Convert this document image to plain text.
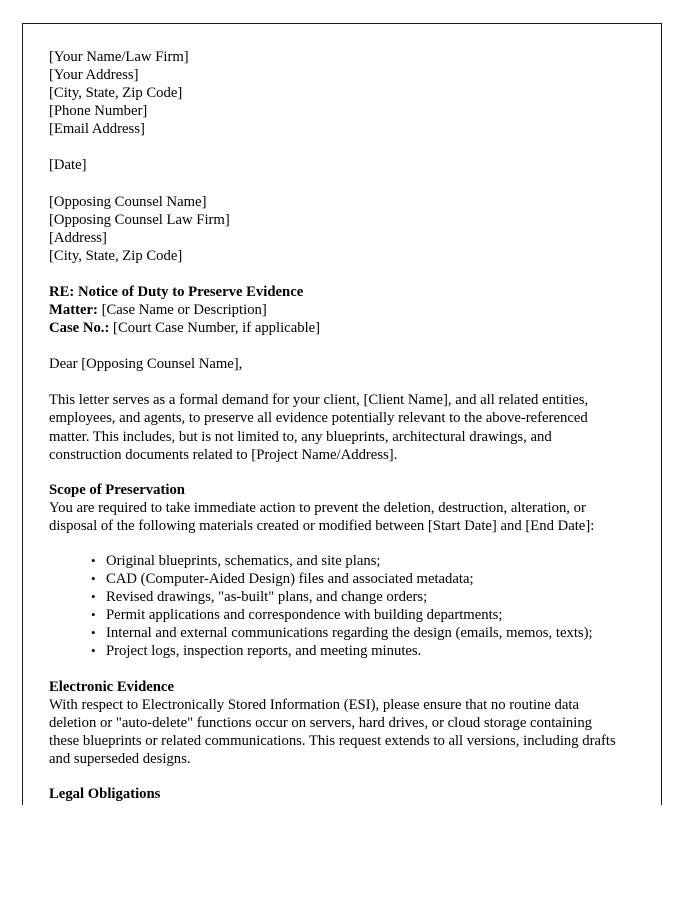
[Your Name/Law Firm]
[Your Address]
[City, State, Zip Code]
[Phone Number]
[Email Address]
[Date]
[Opposing Counsel Name]
[Opposing Counsel Law Firm]
[Address]
[City, State, Zip Code]
RE: Notice of Duty to Preserve Evidence
Matter: [Case Name or Description]
Case No.: [Court Case Number, if applicable]
Dear [Opposing Counsel Name],

This letter serves as a formal demand for your client, [Client Name], and all related entities, employees, and agents, to preserve all evidence potentially relevant to the above-referenced matter. This includes, but is not limited to, any blueprints, architectural drawings, and construction documents related to [Project Name/Address].

Scope of Preservation

You are required to take immediate action to prevent the deletion, destruction, alteration, or disposal of the following materials created or modified between [Start Date] and [End Date]:

• Original blueprints, schematics, and site plans;
• CAD (Computer-Aided Design) files and associated metadata;
• Revised drawings, "as-built" plans, and change orders;
• Permit applications and correspondence with building departments;
• Internal and external communications regarding the design (emails, memos, texts);
• Project logs, inspection reports, and meeting minutes.
Electronic Evidence

With respect to Electronically Stored Information (ESI), please ensure that no routine data deletion or "auto-delete" functions occur on servers, hard drives, or cloud storage containing these blueprints or related communications. This request extends to all versions, including drafts and superseded designs.

Legal Obligations
